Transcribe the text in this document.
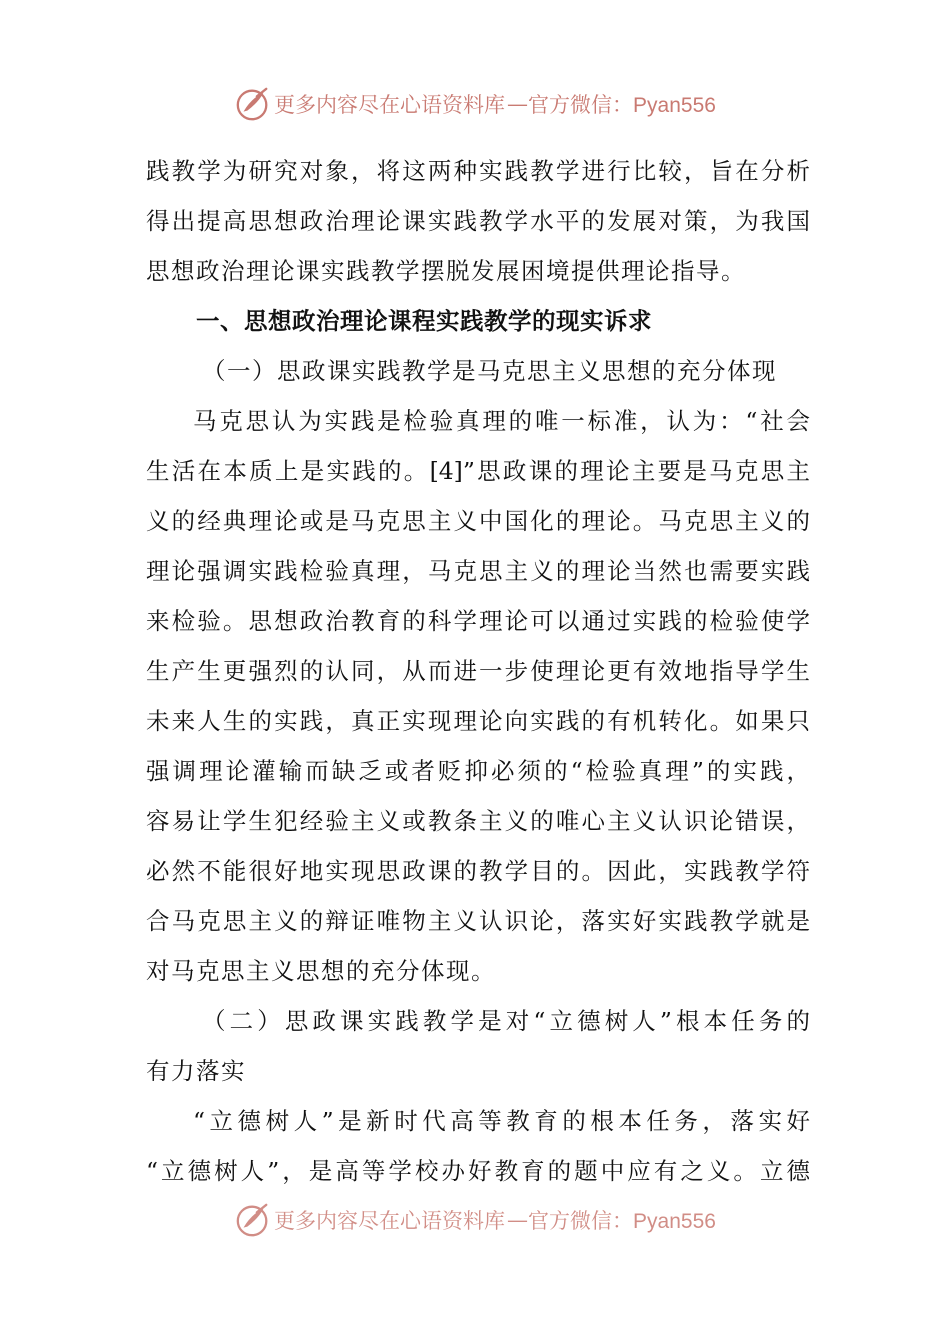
更多内容尽在心语资料库 — 官方微信：Pyan556
践教学为研究对象，将这两种实践教学进行比较，旨在分析
得出提高思想政治理论课实践教学水平的发展对策，为我国
思想政治理论课实践教学摆脱发展困境提供理论指导。
一、思想政治理论课程实践教学的现实诉求
（一）思政课实践教学是马克思主义思想的充分体现
马克思认为实践是检验真理的唯一标准，认为：“社会
生活在本质上是实践的。[4]”思政课的理论主要是马克思主
义的经典理论或是马克思主义中国化的理论。马克思主义的
理论强调实践检验真理，马克思主义的理论当然也需要实践
来检验。思想政治教育的科学理论可以通过实践的检验使学
生产生更强烈的认同，从而进一步使理论更有效地指导学生
未来人生的实践，真正实现理论向实践的有机转化。如果只
强调理论灌输而缺乏或者贬抑必须的“检验真理”的实践，
容易让学生犯经验主义或教条主义的唯心主义认识论错误，
必然不能很好地实现思政课的教学目的。因此，实践教学符
合马克思主义的辩证唯物主义认识论，落实好实践教学就是
对马克思主义思想的充分体现。
（二）思政课实践教学是对“立德树人”根本任务的
有力落实
“立德树人”是新时代高等教育的根本任务，落实好
“立德树人”，是高等学校办好教育的题中应有之义。立德
更多内容尽在心语资料库 — 官方微信：Pyan556
